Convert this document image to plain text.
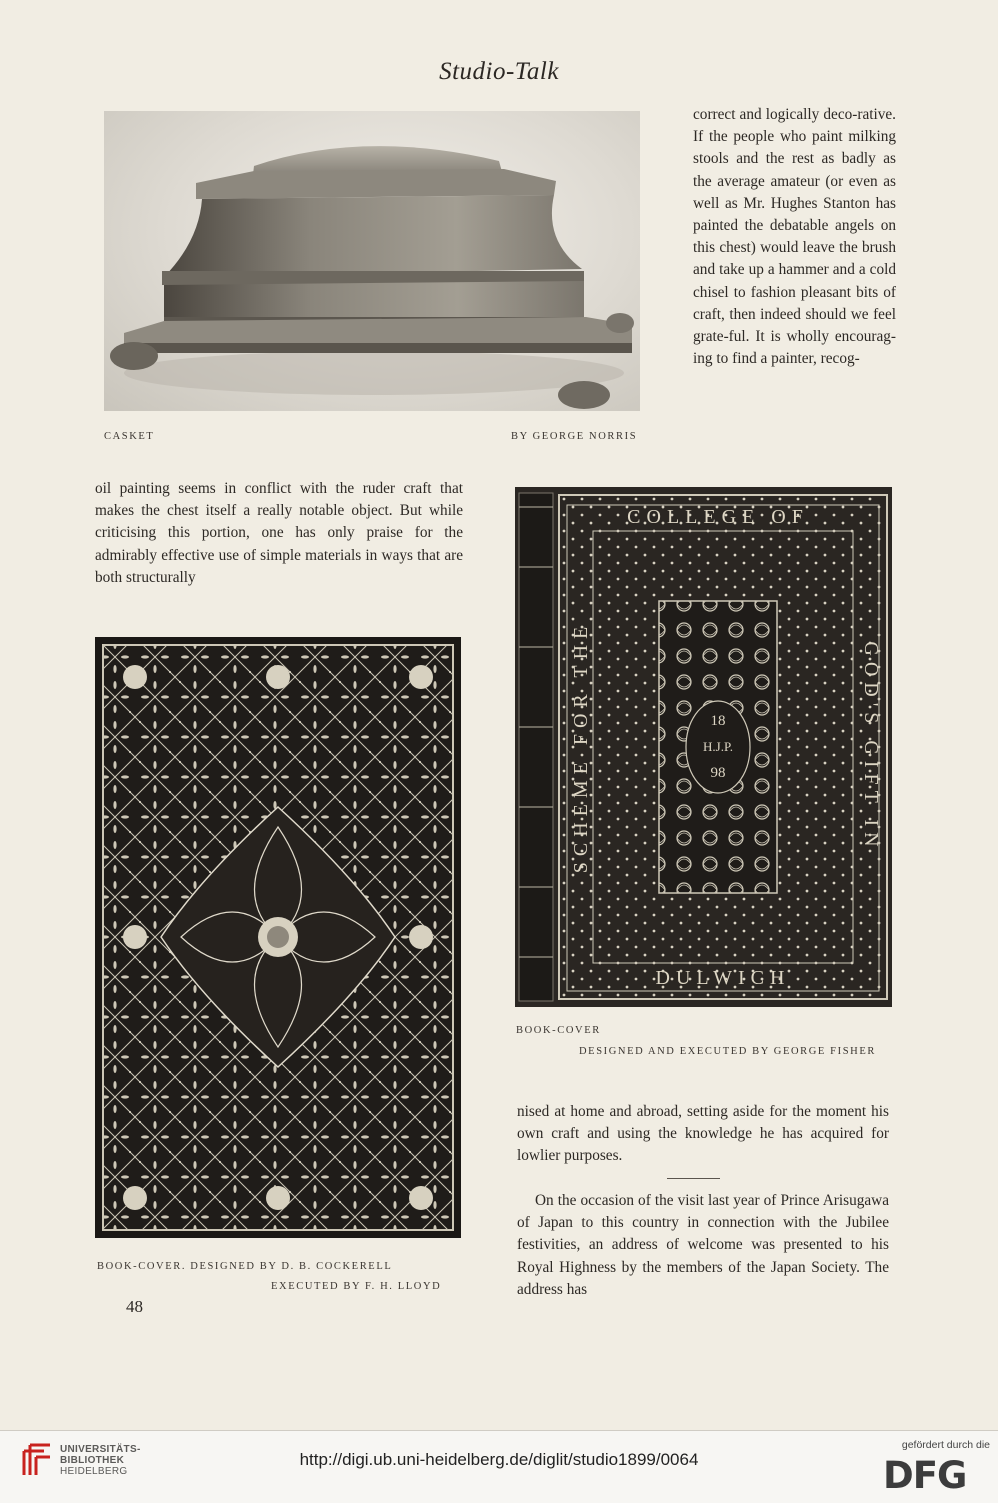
Studio-Talk
CASKET	BY GEORGE NORRIS

correct and logically deco-rative. If the people who paint milking stools and the rest as badly as the average amateur (or even as well as Mr. Hughes Stanton has painted the debatable angels on this chest) would leave the brush and take up a hammer and a cold chisel to fashion pleasant bits of craft, then indeed should we feel grate-ful. It is wholly encourag-ing to find a painter, recog-

oil painting seems in conflict with the ruder craft that makes the chest itself a really notable object. But while criticising this portion, one has only praise for the admirably effective use of simple materials in ways that are both structurally

COLLEGE OF
DULWICH
SCHEME FOR THE	GOD'S GIFT IN
18
H.J.P.
98
BOOK-COVER
DESIGNED AND EXECUTED BY GEORGE FISHER
BOOK-COVER. DESIGNED BY D. B. COCKERELL
EXECUTED BY F. H. LLOYD

nised at home and abroad, setting aside for the moment his own craft and using the knowledge he has acquired for lowlier purposes.

On the occasion of the visit last year of Prince Arisugawa of Japan to this country in connection with the Jubilee festivities, an address of welcome was presented to his Royal Highness by the members of the Japan Society. The address has

48
UNIVERSITÄTS-
BIBLIOTHEK
HEIDELBERG
http://digi.ub.uni-heidelberg.de/diglit/studio1899/0064
gefördert durch die
DFG
